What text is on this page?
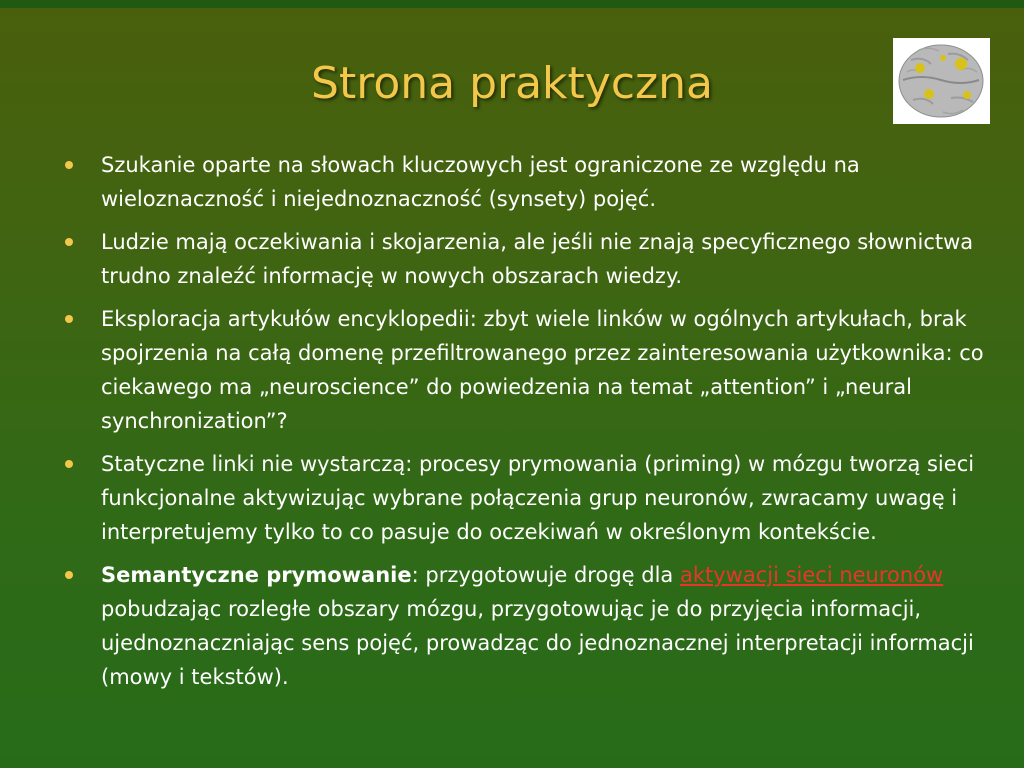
Strona praktyczna
Szukanie oparte na słowach kluczowych jest ograniczone ze względu na wieloznaczność i niejednoznaczność (synsety) pojęć.
Ludzie mają oczekiwania i skojarzenia, ale jeśli nie znają specyficznego słownictwa trudno znaleźć informację w nowych obszarach wiedzy.
Eksploracja artykułów encyklopedii: zbyt wiele linków w ogólnych artykułach, brak spojrzenia na całą domenę przefiltrowanego przez zainteresowania użytkownika: co ciekawego ma „neuroscience” do powiedzenia na temat „attention” i „neural synchronization”?
Statyczne linki nie wystarczą: procesy prymowania (priming) w mózgu tworzą sieci funkcjonalne aktywizując wybrane połączenia grup neuronów, zwracamy uwagę i interpretujemy tylko to co pasuje do oczekiwań w określonym kontekście.
Semantyczne prymowanie: przygotowuje drogę dla aktywacji sieci neuronów pobudzając rozległe obszary mózgu, przygotowując je do przyjęcia informacji, ujednoznaczniając sens pojęć, prowadząc do jednoznacznej interpretacji informacji (mowy i tekstów).
